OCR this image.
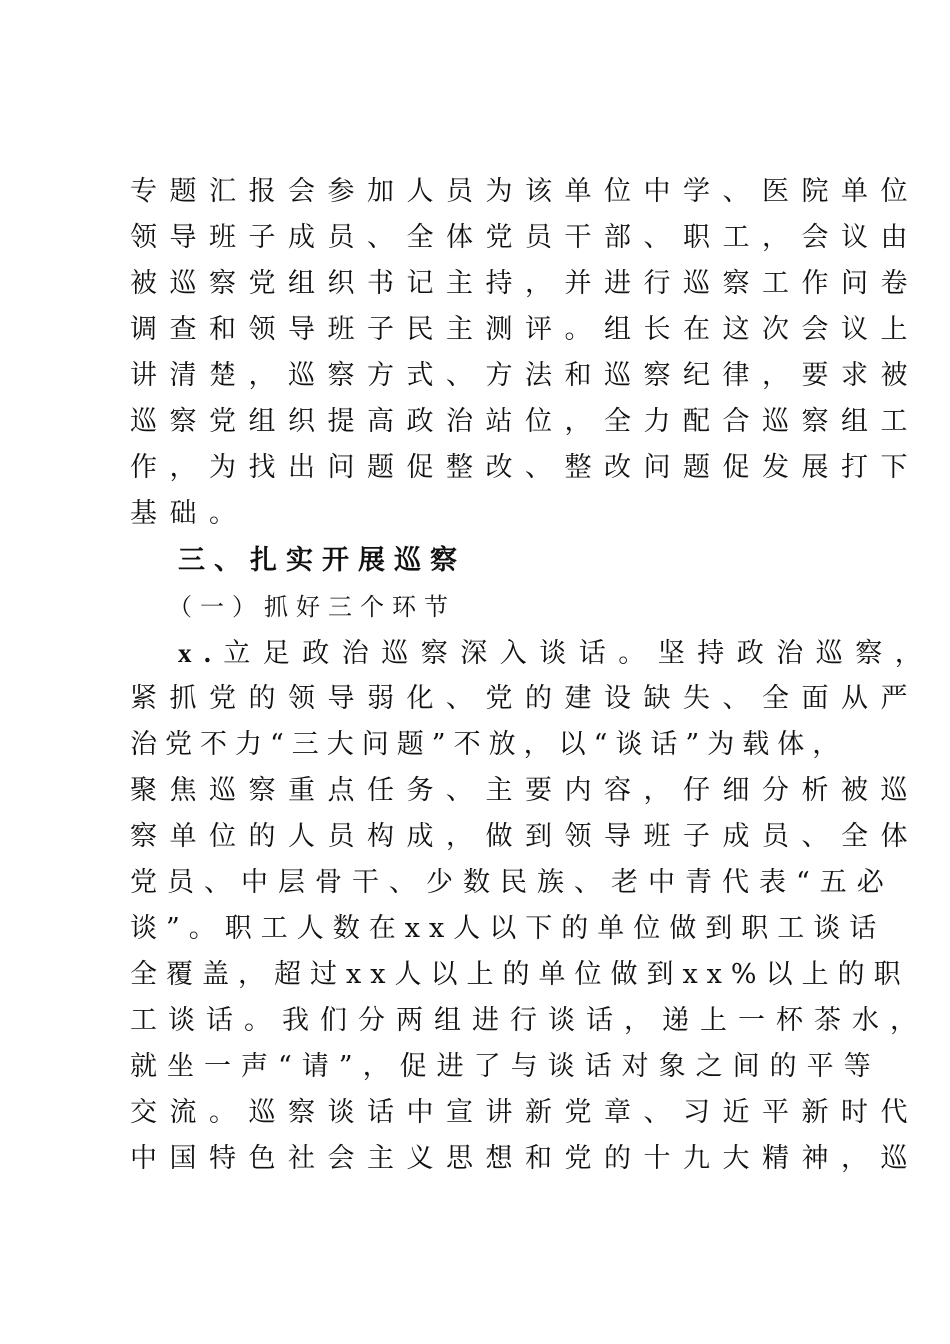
专题汇报会参加人员为该单位中学、医院单位
领导班子成员、全体党员干部、职工，会议由
被巡察党组织书记主持，并进行巡察工作问卷
调查和领导班子民主测评。组长在这次会议上
讲清楚，巡察方式、方法和巡察纪律，要求被
巡察党组织提高政治站位，全力配合巡察组工
作，为找出问题促整改、整改问题促发展打下
基础。
三、扎实开展巡察
（一）抓好三个环节
x.立足政治巡察深入谈话。坚持政治巡察，
紧抓党的领导弱化、党的建设缺失、全面从严
治党不力“三大问题”不放，以“谈话”为载体，
聚焦巡察重点任务、主要内容，仔细分析被巡
察单位的人员构成，做到领导班子成员、全体
党员、中层骨干、少数民族、老中青代表“五必
谈”。职工人数在xx人以下的单位做到职工谈话
全覆盖，超过xx人以上的单位做到xx%以上的职
工谈话。我们分两组进行谈话，递上一杯茶水，
就坐一声“请”，促进了与谈话对象之间的平等
交流。巡察谈话中宣讲新党章、习近平新时代
中国特色社会主义思想和党的十九大精神，巡
